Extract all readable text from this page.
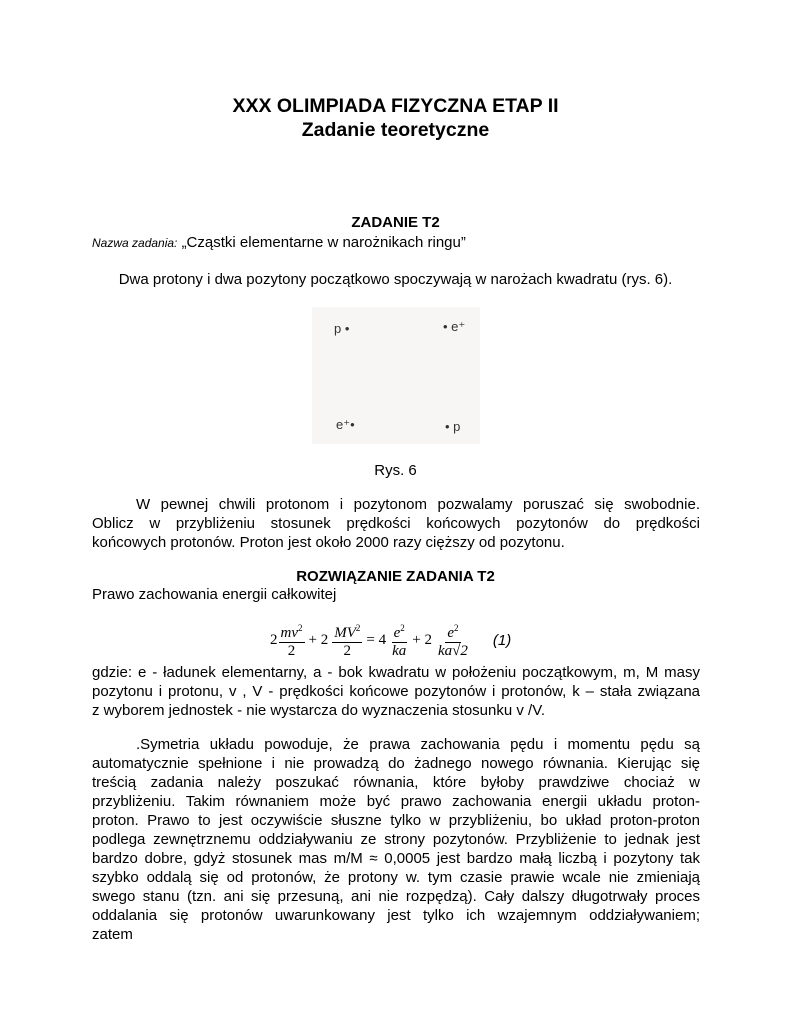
XXX OLIMPIADA FIZYCZNA ETAP II
Zadanie teoretyczne
ZADANIE T2
Nazwa zadania: „Cząstki elementarne w narożnikach ringu”
Dwa protony i dwa pozytony początkowo spoczywają w narożach kwadratu (rys. 6).
p •	• e⁺
e⁺•	• p
Rys. 6
W pewnej chwili protonom i pozytonom pozwalamy poruszać się swobodnie.
Oblicz w przybliżeniu stosunek prędkości końcowych pozytonów do prędkości
końcowych protonów. Proton jest około 2000 razy cięższy od pozytonu.
ROZWIĄZANIE ZADANIA T2
Prawo zachowania energii całkowitej
$2 \frac{mv^2}{2} + 2 \frac{MV^2}{2} = 4 \frac{e^2}{ka} + 2 \frac{e^2}{ka√2} (1)$
gdzie: e - ładunek elementarny, a - bok kwadratu w położeniu początkowym, m, M masy
pozytonu i protonu, v , V - prędkości końcowe pozytonów i protonów, k – stała związana
z wyborem jednostek - nie wystarcza do wyznaczenia stosunku v /V.
.Symetria układu powoduje, że prawa zachowania pędu i momentu pędu są
automatycznie spełnione i nie prowadzą do żadnego nowego równania. Kierując się
treścią zadania należy poszukać równania, które byłoby prawdziwe chociaż w
przybliżeniu. Takim równaniem może być prawo zachowania energii układu proton-
proton. Prawo to jest oczywiście słuszne tylko w przybliżeniu, bo układ proton-proton
podlega zewnętrznemu oddziaływaniu ze strony pozytonów. Przybliżenie to jednak jest
bardzo dobre, gdyż stosunek mas m/M ≈ 0,0005 jest bardzo małą liczbą i pozytony tak
szybko oddalą się od protonów, że protony w. tym czasie prawie wcale nie zmieniają
swego stanu (tzn. ani się przesuną, ani nie rozpędzą). Cały dalszy długotrwały proces
oddalania się protonów uwarunkowany jest tylko ich wzajemnym oddziaływaniem;
zatem
